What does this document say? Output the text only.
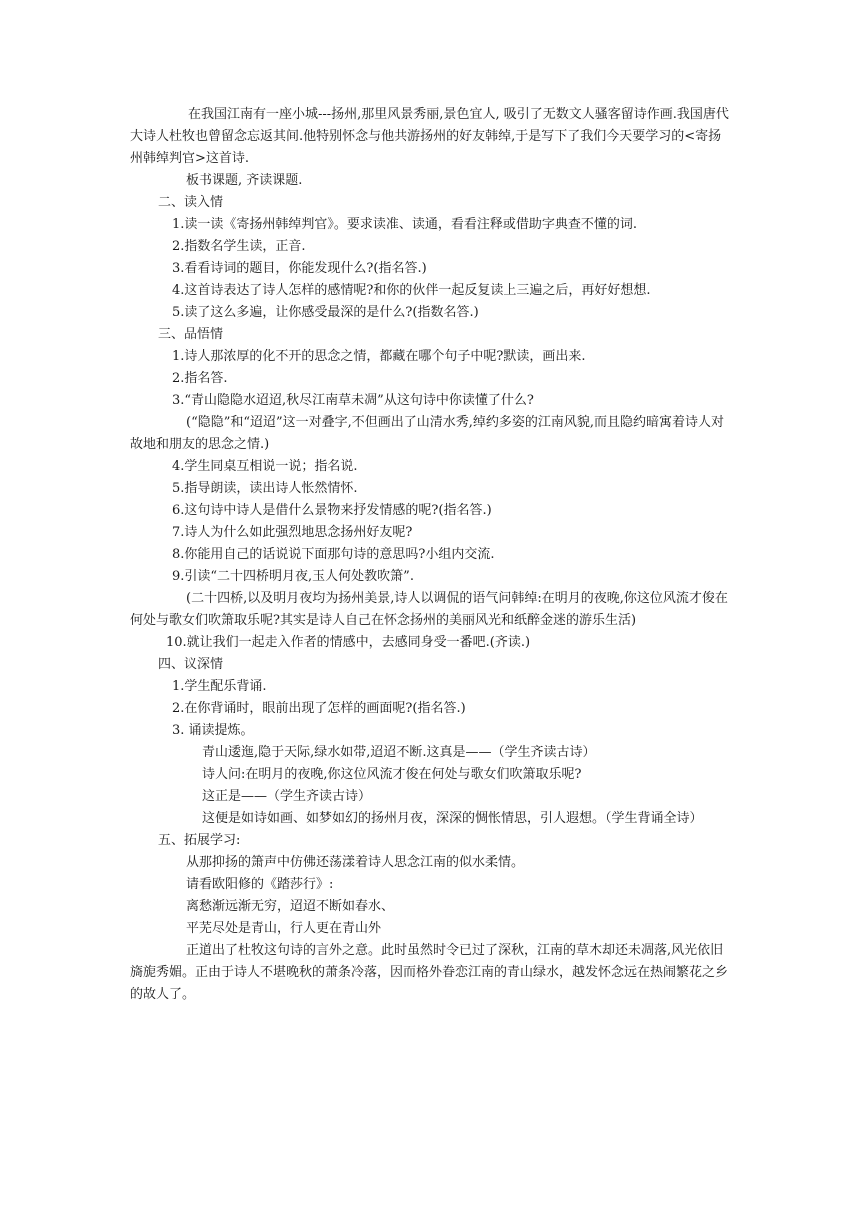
在我国江南有一座小城---扬州,那里风景秀丽,景色宜人, 吸引了无数文人骚客留诗作画.我国唐代大诗人杜牧也曾留念忘返其间.他特别怀念与他共游扬州的好友韩绰,于是写下了我们今天要学习的<寄扬州韩绰判官>这首诗.

板书课题, 齐读课题.

二、读入情

1.读一读《寄扬州韩绰判官》。要求读准、读通，看看注释或借助字典查不懂的词.

2.指数名学生读，正音.

3.看看诗词的题目，你能发现什么?(指名答.)

4.这首诗表达了诗人怎样的感情呢?和你的伙伴一起反复读上三遍之后，再好好想想.

5.读了这么多遍，让你感受最深的是什么?(指数名答.)

三、品悟情

1.诗人那浓厚的化不开的思念之情，都藏在哪个句子中呢?默读，画出来.

2.指名答.

3.“青山隐隐水迢迢,秋尽江南草未凋”从这句诗中你读懂了什么?

(“隐隐”和“迢迢”这一对叠字,不但画出了山清水秀,绰约多姿的江南风貌,而且隐约暗寓着诗人对故地和朋友的思念之情.)

4.学生同桌互相说一说；指名说.

5.指导朗读，读出诗人怅然情怀.

6.这句诗中诗人是借什么景物来抒发情感的呢?(指名答.)

7.诗人为什么如此强烈地思念扬州好友呢?

8.你能用自己的话说说下面那句诗的意思吗?小组内交流.

9.引读“二十四桥明月夜,玉人何处教吹箫”.

(二十四桥,以及明月夜均为扬州美景,诗人以调侃的语气问韩绰:在明月的夜晚,你这位风流才俊在何处与歌女们吹箫取乐呢?其实是诗人自己在怀念扬州的美丽风光和纸醉金迷的游乐生活)

10.就让我们一起走入作者的情感中，去感同身受一番吧.(齐读.)

四、议深情

1.学生配乐背诵.

2.在你背诵时，眼前出现了怎样的画面呢?(指名答.)

3. 诵读提炼。

青山逶迤,隐于天际,绿水如带,迢迢不断.这真是——（学生齐读古诗）

诗人问:在明月的夜晚,你这位风流才俊在何处与歌女们吹箫取乐呢?

这正是——（学生齐读古诗）

这便是如诗如画、如梦如幻的扬州月夜，深深的惆怅情思，引人遐想。（学生背诵全诗）

五、拓展学习:

从那抑扬的箫声中仿佛还荡漾着诗人思念江南的似水柔情。

请看欧阳修的《踏莎行》:

离愁渐远渐无穷，迢迢不断如春水、

平芜尽处是青山，行人更在青山外

正道出了杜牧这句诗的言外之意。此时虽然时令已过了深秋，江南的草木却还未凋落,风光依旧旖旎秀媚。正由于诗人不堪晚秋的萧条冷落，因而格外眷恋江南的青山绿水，越发怀念远在热闹繁花之乡的故人了。
